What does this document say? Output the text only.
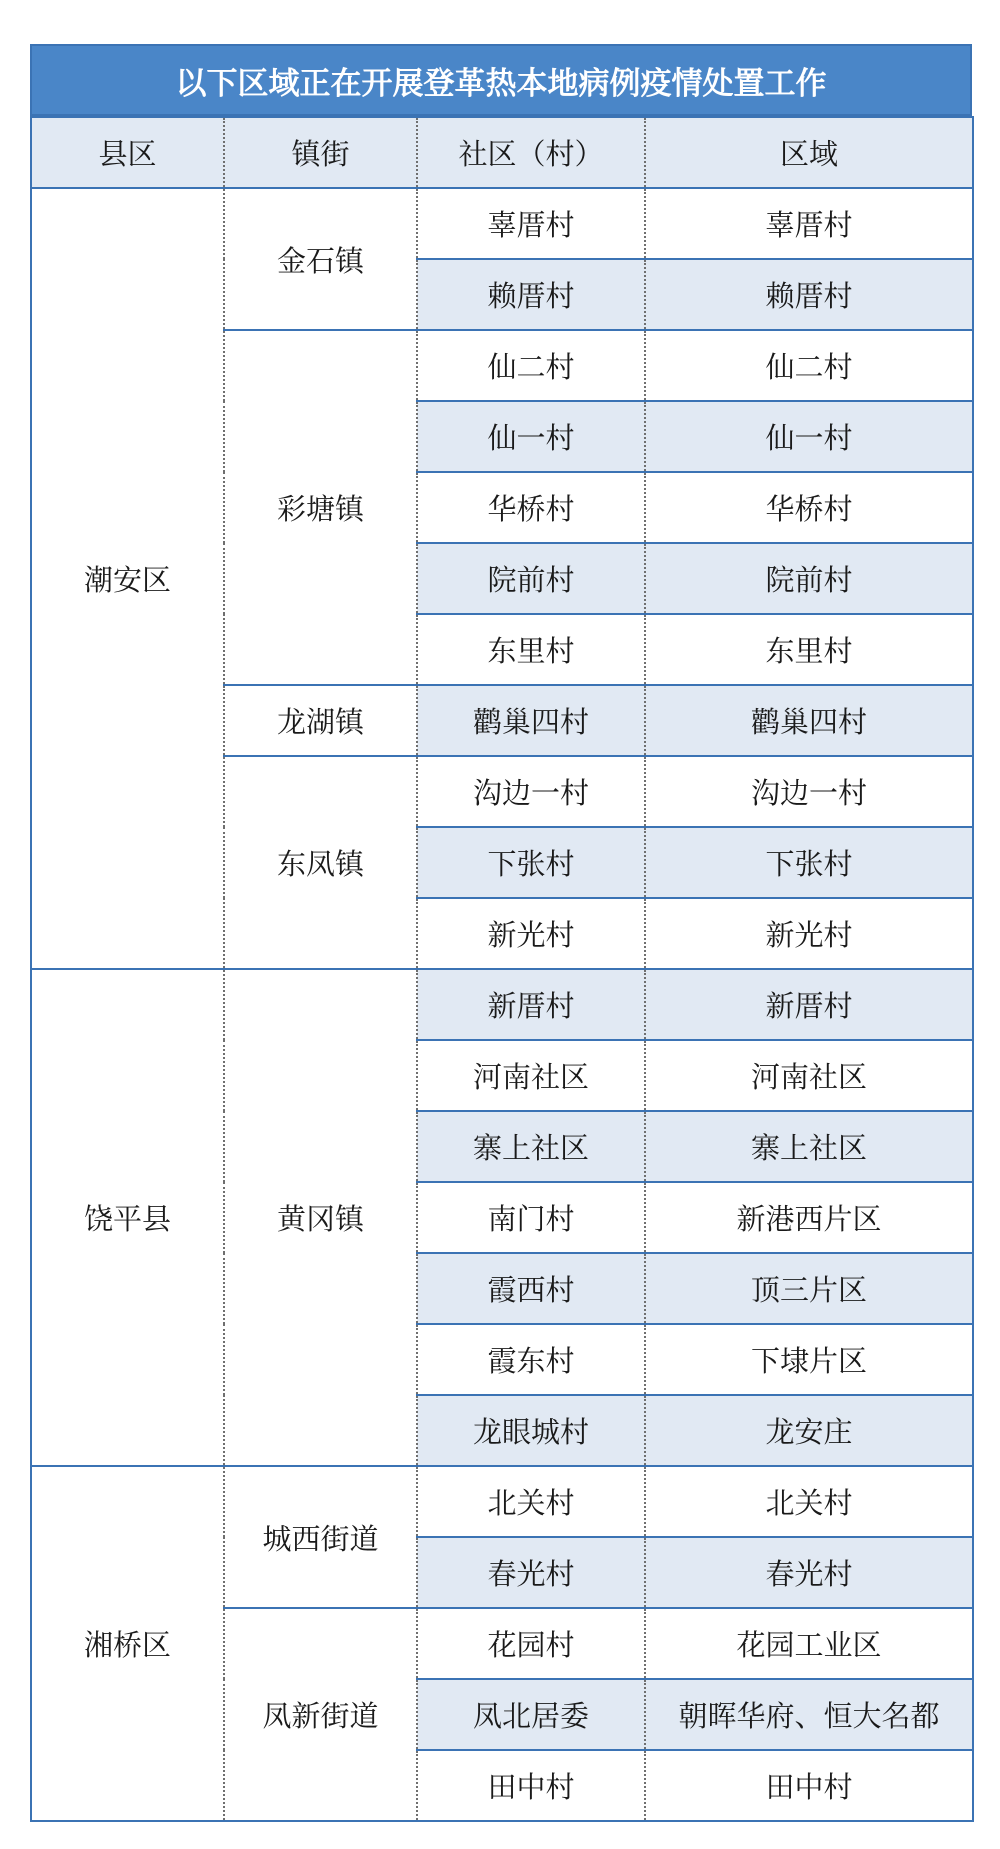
以下区域正在开展登革热本地病例疫情处置工作
县区	镇街	社区（村）	区域
潮安区	金石镇	辜厝村	辜厝村
		赖厝村	赖厝村
	彩塘镇	仙二村	仙二村
		仙一村	仙一村
		华桥村	华桥村
		院前村	院前村
		东里村	东里村
	龙湖镇	鹳巢四村	鹳巢四村
	东凤镇	沟边一村	沟边一村
		下张村	下张村
		新光村	新光村
饶平县	黄冈镇	新厝村	新厝村
		河南社区	河南社区
		寨上社区	寨上社区
		南门村	新港西片区
		霞西村	顶三片区
		霞东村	下埭片区
		龙眼城村	龙安庄
湘桥区	城西街道	北关村	北关村
		春光村	春光村
	凤新街道	花园村	花园工业区
		凤北居委	朝晖华府、恒大名都
		田中村	田中村
